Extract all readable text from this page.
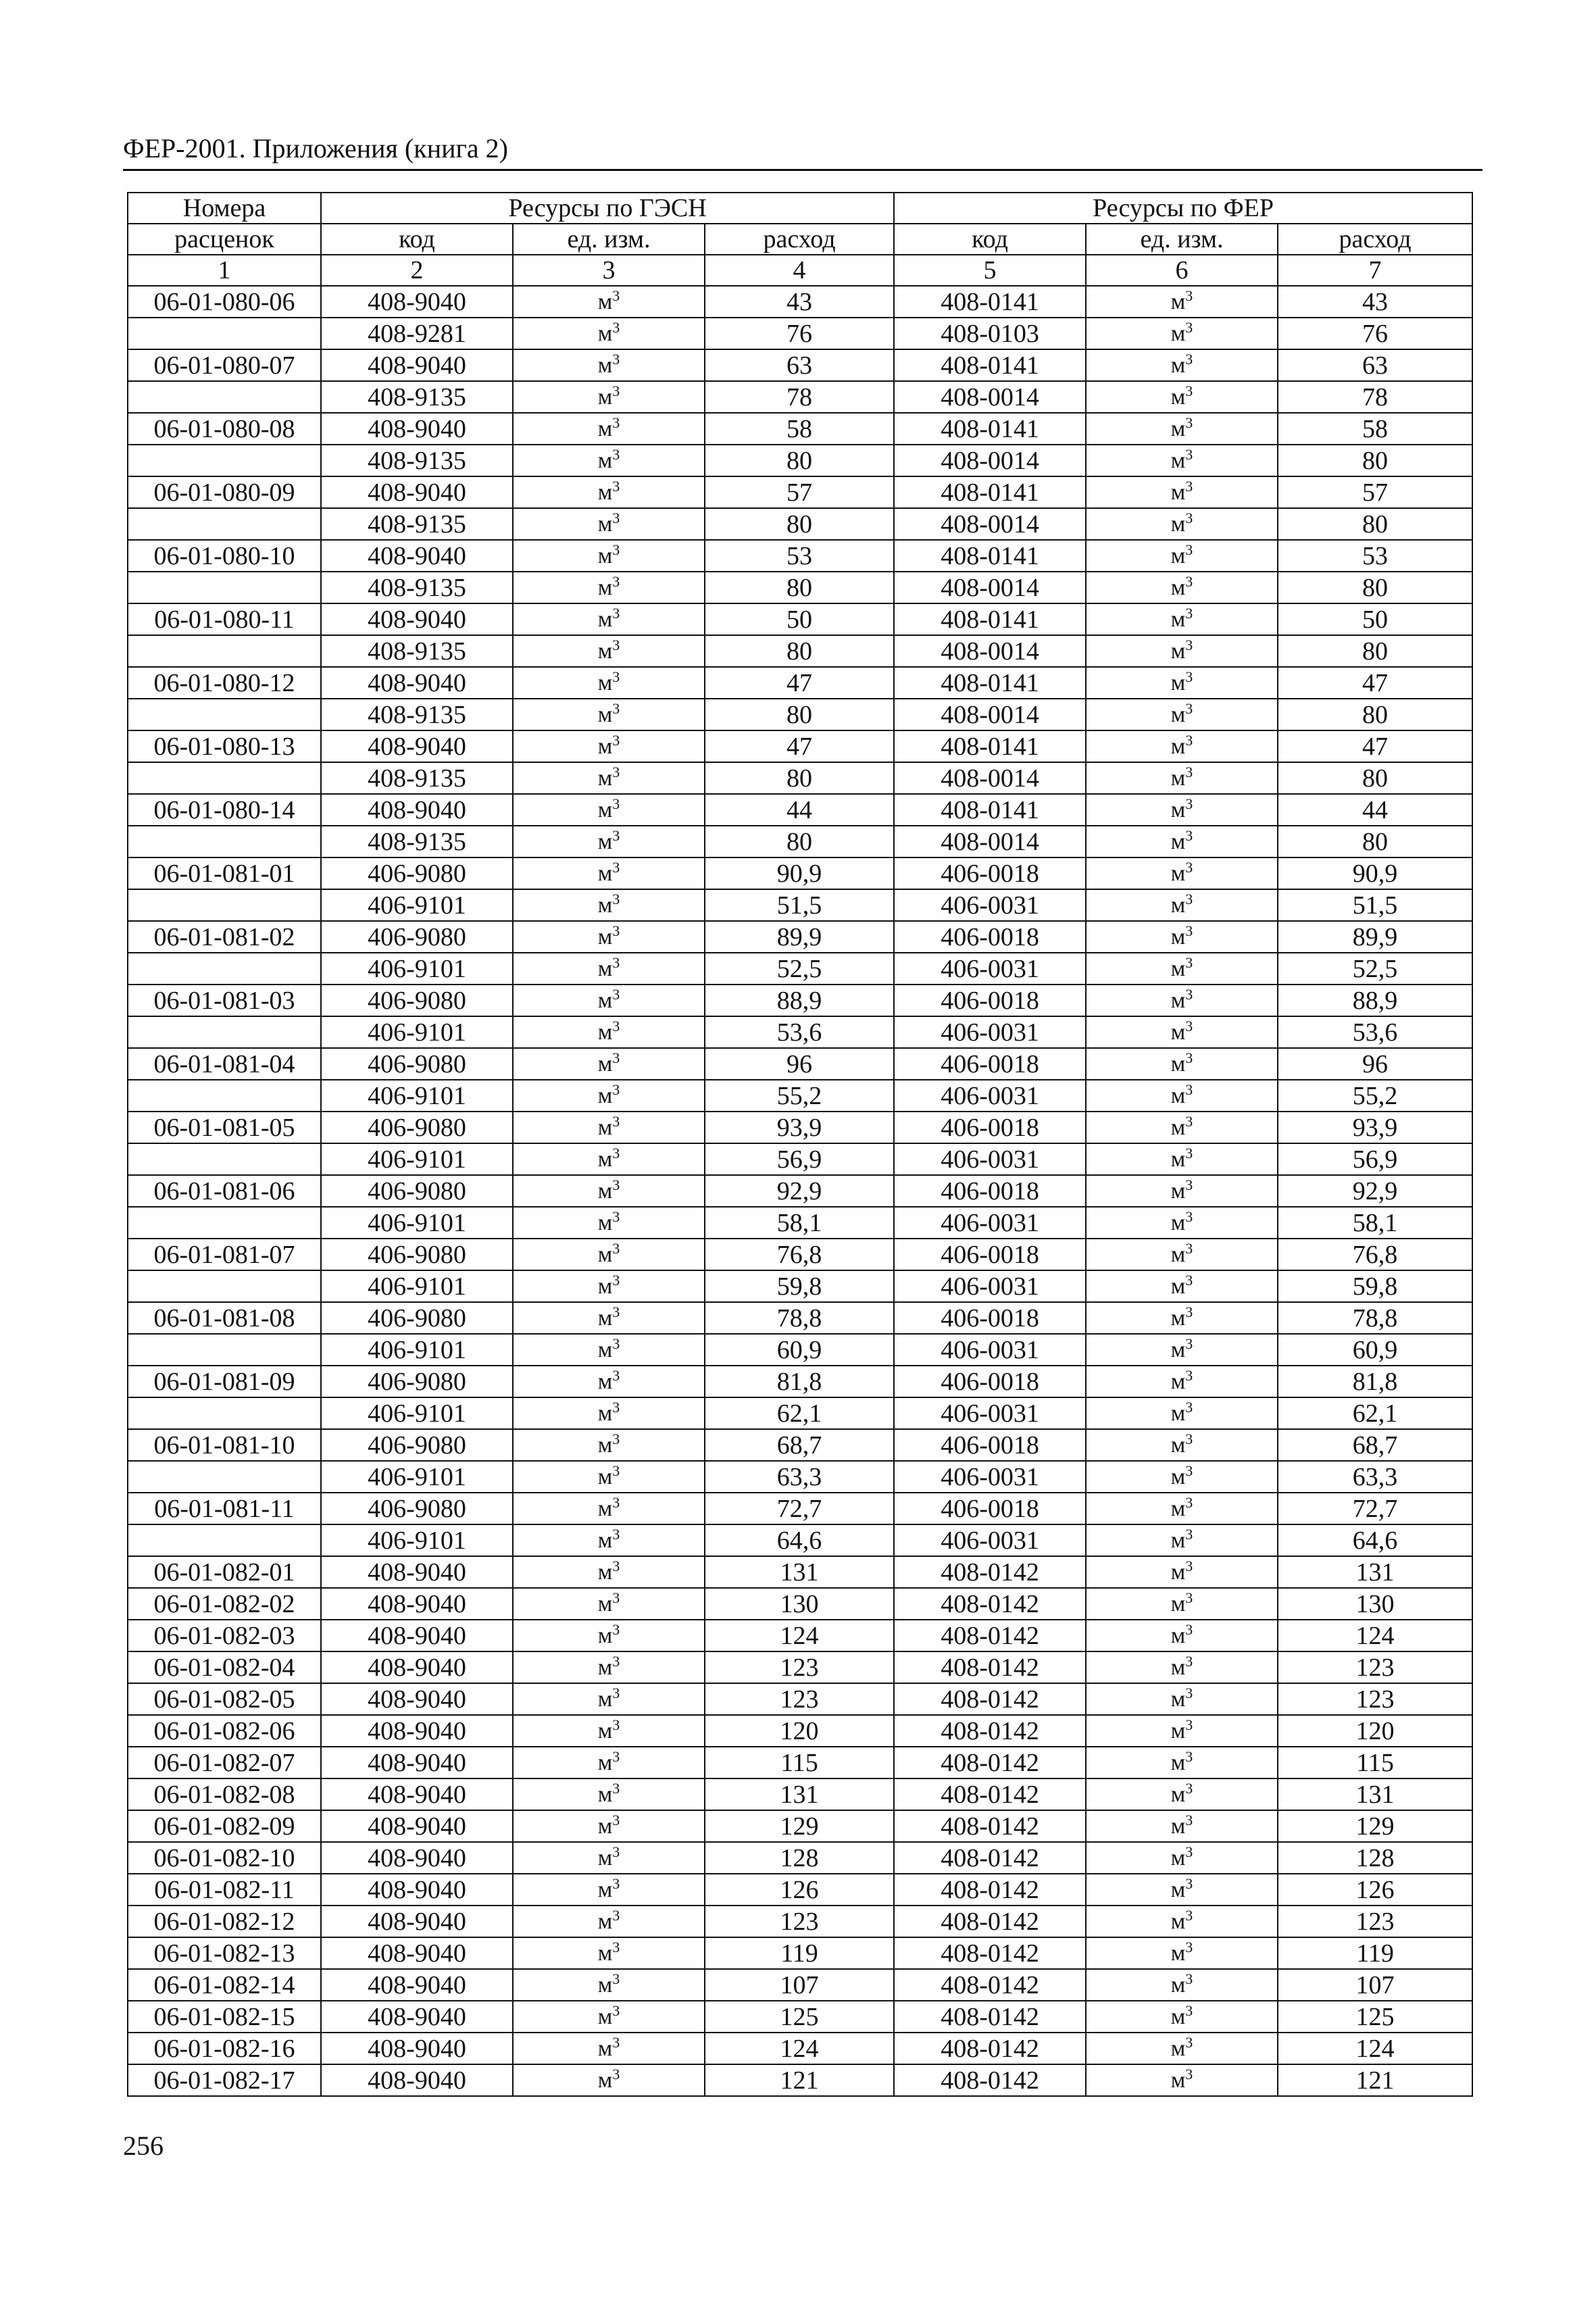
ФЕР-2001. Приложения (книга 2)
Номера	Ресурсы по ГЭСН			Ресурсы по ФЕР		
расценок	код	ед. изм.	расход	код	ед. изм.	расход
1	2	3	4	5	6	7
06-01-080-06	408-9040	$м^3$	43	408-0141	$м^3$	43
	408-9281	$м^3$	76	408-0103	$м^3$	76
06-01-080-07	408-9040	$м^3$	63	408-0141	$м^3$	63
	408-9135	$м^3$	78	408-0014	$м^3$	78
06-01-080-08	408-9040	$м^3$	58	408-0141	$м^3$	58
	408-9135	$м^3$	80	408-0014	$м^3$	80
06-01-080-09	408-9040	$м^3$	57	408-0141	$м^3$	57
	408-9135	$м^3$	80	408-0014	$м^3$	80
06-01-080-10	408-9040	$м^3$	53	408-0141	$м^3$	53
	408-9135	$м^3$	80	408-0014	$м^3$	80
06-01-080-11	408-9040	$м^3$	50	408-0141	$м^3$	50
	408-9135	$м^3$	80	408-0014	$м^3$	80
06-01-080-12	408-9040	$м^3$	47	408-0141	$м^3$	47
	408-9135	$м^3$	80	408-0014	$м^3$	80
06-01-080-13	408-9040	$м^3$	47	408-0141	$м^3$	47
	408-9135	$м^3$	80	408-0014	$м^3$	80
06-01-080-14	408-9040	$м^3$	44	408-0141	$м^3$	44
	408-9135	$м^3$	80	408-0014	$м^3$	80
06-01-081-01	406-9080	$м^3$	90,9	406-0018	$м^3$	90,9
	406-9101	$м^3$	51,5	406-0031	$м^3$	51,5
06-01-081-02	406-9080	$м^3$	89,9	406-0018	$м^3$	89,9
	406-9101	$м^3$	52,5	406-0031	$м^3$	52,5
06-01-081-03	406-9080	$м^3$	88,9	406-0018	$м^3$	88,9
	406-9101	$м^3$	53,6	406-0031	$м^3$	53,6
06-01-081-04	406-9080	$м^3$	96	406-0018	$м^3$	96
	406-9101	$м^3$	55,2	406-0031	$м^3$	55,2
06-01-081-05	406-9080	$м^3$	93,9	406-0018	$м^3$	93,9
	406-9101	$м^3$	56,9	406-0031	$м^3$	56,9
06-01-081-06	406-9080	$м^3$	92,9	406-0018	$м^3$	92,9
	406-9101	$м^3$	58,1	406-0031	$м^3$	58,1
06-01-081-07	406-9080	$м^3$	76,8	406-0018	$м^3$	76,8
	406-9101	$м^3$	59,8	406-0031	$м^3$	59,8
06-01-081-08	406-9080	$м^3$	78,8	406-0018	$м^3$	78,8
	406-9101	$м^3$	60,9	406-0031	$м^3$	60,9
06-01-081-09	406-9080	$м^3$	81,8	406-0018	$м^3$	81,8
	406-9101	$м^3$	62,1	406-0031	$м^3$	62,1
06-01-081-10	406-9080	$м^3$	68,7	406-0018	$м^3$	68,7
	406-9101	$м^3$	63,3	406-0031	$м^3$	63,3
06-01-081-11	406-9080	$м^3$	72,7	406-0018	$м^3$	72,7
	406-9101	$м^3$	64,6	406-0031	$м^3$	64,6
06-01-082-01	408-9040	$м^3$	131	408-0142	$м^3$	131
06-01-082-02	408-9040	$м^3$	130	408-0142	$м^3$	130
06-01-082-03	408-9040	$м^3$	124	408-0142	$м^3$	124
06-01-082-04	408-9040	$м^3$	123	408-0142	$м^3$	123
06-01-082-05	408-9040	$м^3$	123	408-0142	$м^3$	123
06-01-082-06	408-9040	$м^3$	120	408-0142	$м^3$	120
06-01-082-07	408-9040	$м^3$	115	408-0142	$м^3$	115
06-01-082-08	408-9040	$м^3$	131	408-0142	$м^3$	131
06-01-082-09	408-9040	$м^3$	129	408-0142	$м^3$	129
06-01-082-10	408-9040	$м^3$	128	408-0142	$м^3$	128
06-01-082-11	408-9040	$м^3$	126	408-0142	$м^3$	126
06-01-082-12	408-9040	$м^3$	123	408-0142	$м^3$	123
06-01-082-13	408-9040	$м^3$	119	408-0142	$м^3$	119
06-01-082-14	408-9040	$м^3$	107	408-0142	$м^3$	107
06-01-082-15	408-9040	$м^3$	125	408-0142	$м^3$	125
06-01-082-16	408-9040	$м^3$	124	408-0142	$м^3$	124
06-01-082-17	408-9040	$м^3$	121	408-0142	$м^3$	121
256
